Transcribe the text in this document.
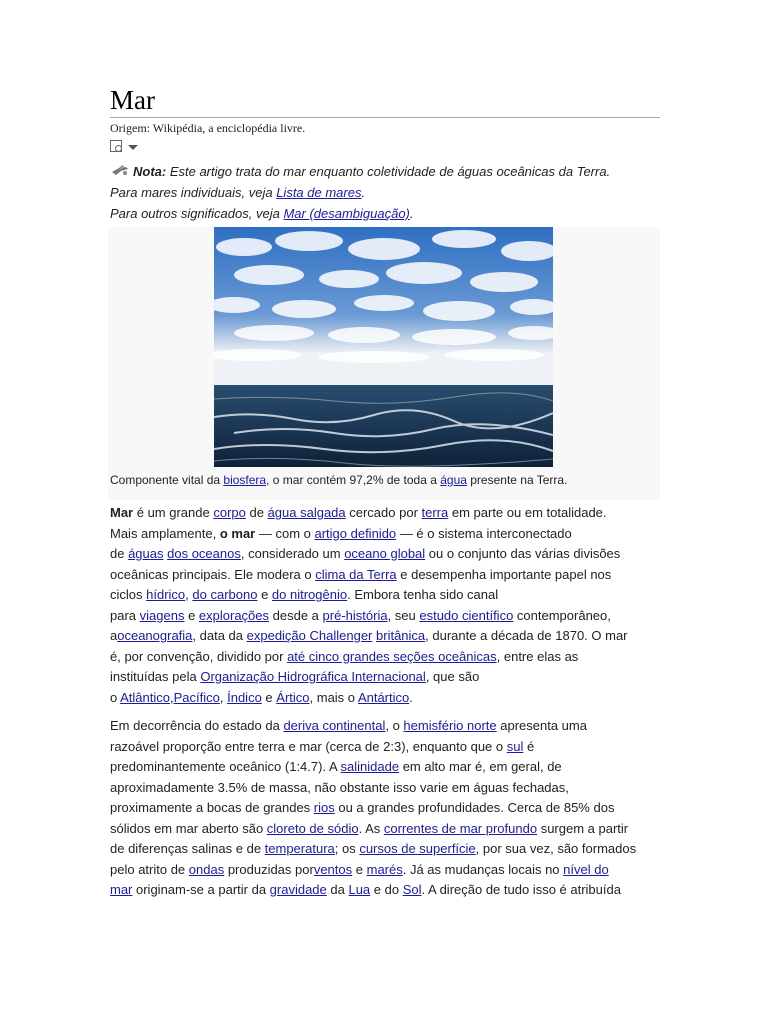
Mar
Origem: Wikipédia, a enciclopédia livre.
Nota: Este artigo trata do mar enquanto coletividade de águas oceânicas da Terra.
Para mares individuais, veja Lista de mares.
Para outros significados, veja Mar (desambiguação).
Componente vital da biosfera, o mar contém 97,2% de toda a água presente na Terra.

Mar é um grande corpo de água salgada cercado por terra em parte ou em totalidade.
Mais amplamente, o mar — com o artigo definido — é o sistema interconectado
de águas dos oceanos, considerado um oceano global ou o conjunto das várias divisões
oceânicas principais. Ele modera o clima da Terra e desempenha importante papel nos
ciclos hídrico, do carbono e do nitrogênio. Embora tenha sido canal
para viagens e explorações desde a pré-história, seu estudo científico contemporâneo,
aoceanografia, data da expedição Challenger britânica, durante a década de 1870. O mar
é, por convenção, dividido por até cinco grandes seções oceânicas, entre elas as
instituídas pela Organização Hidrográfica Internacional, que são
o Atlântico,Pacífico, Índico e Ártico, mais o Antártico.

Em decorrência do estado da deriva continental, o hemisfério norte apresenta uma
razoável proporção entre terra e mar (cerca de 2:3), enquanto que o sul é
predominantemente oceânico (1:4.7). A salinidade em alto mar é, em geral, de
aproximadamente 3.5% de massa, não obstante isso varie em águas fechadas,
proximamente a bocas de grandes rios ou a grandes profundidades. Cerca de 85% dos
sólidos em mar aberto são cloreto de sódio. As correntes de mar profundo surgem a partir
de diferenças salinas e de temperatura; os cursos de superfície, por sua vez, são formados
pelo atrito de ondas produzidas porventos e marés. Já as mudanças locais no nível do
mar originam-se a partir da gravidade da Lua e do Sol. A direção de tudo isso é atribuída
